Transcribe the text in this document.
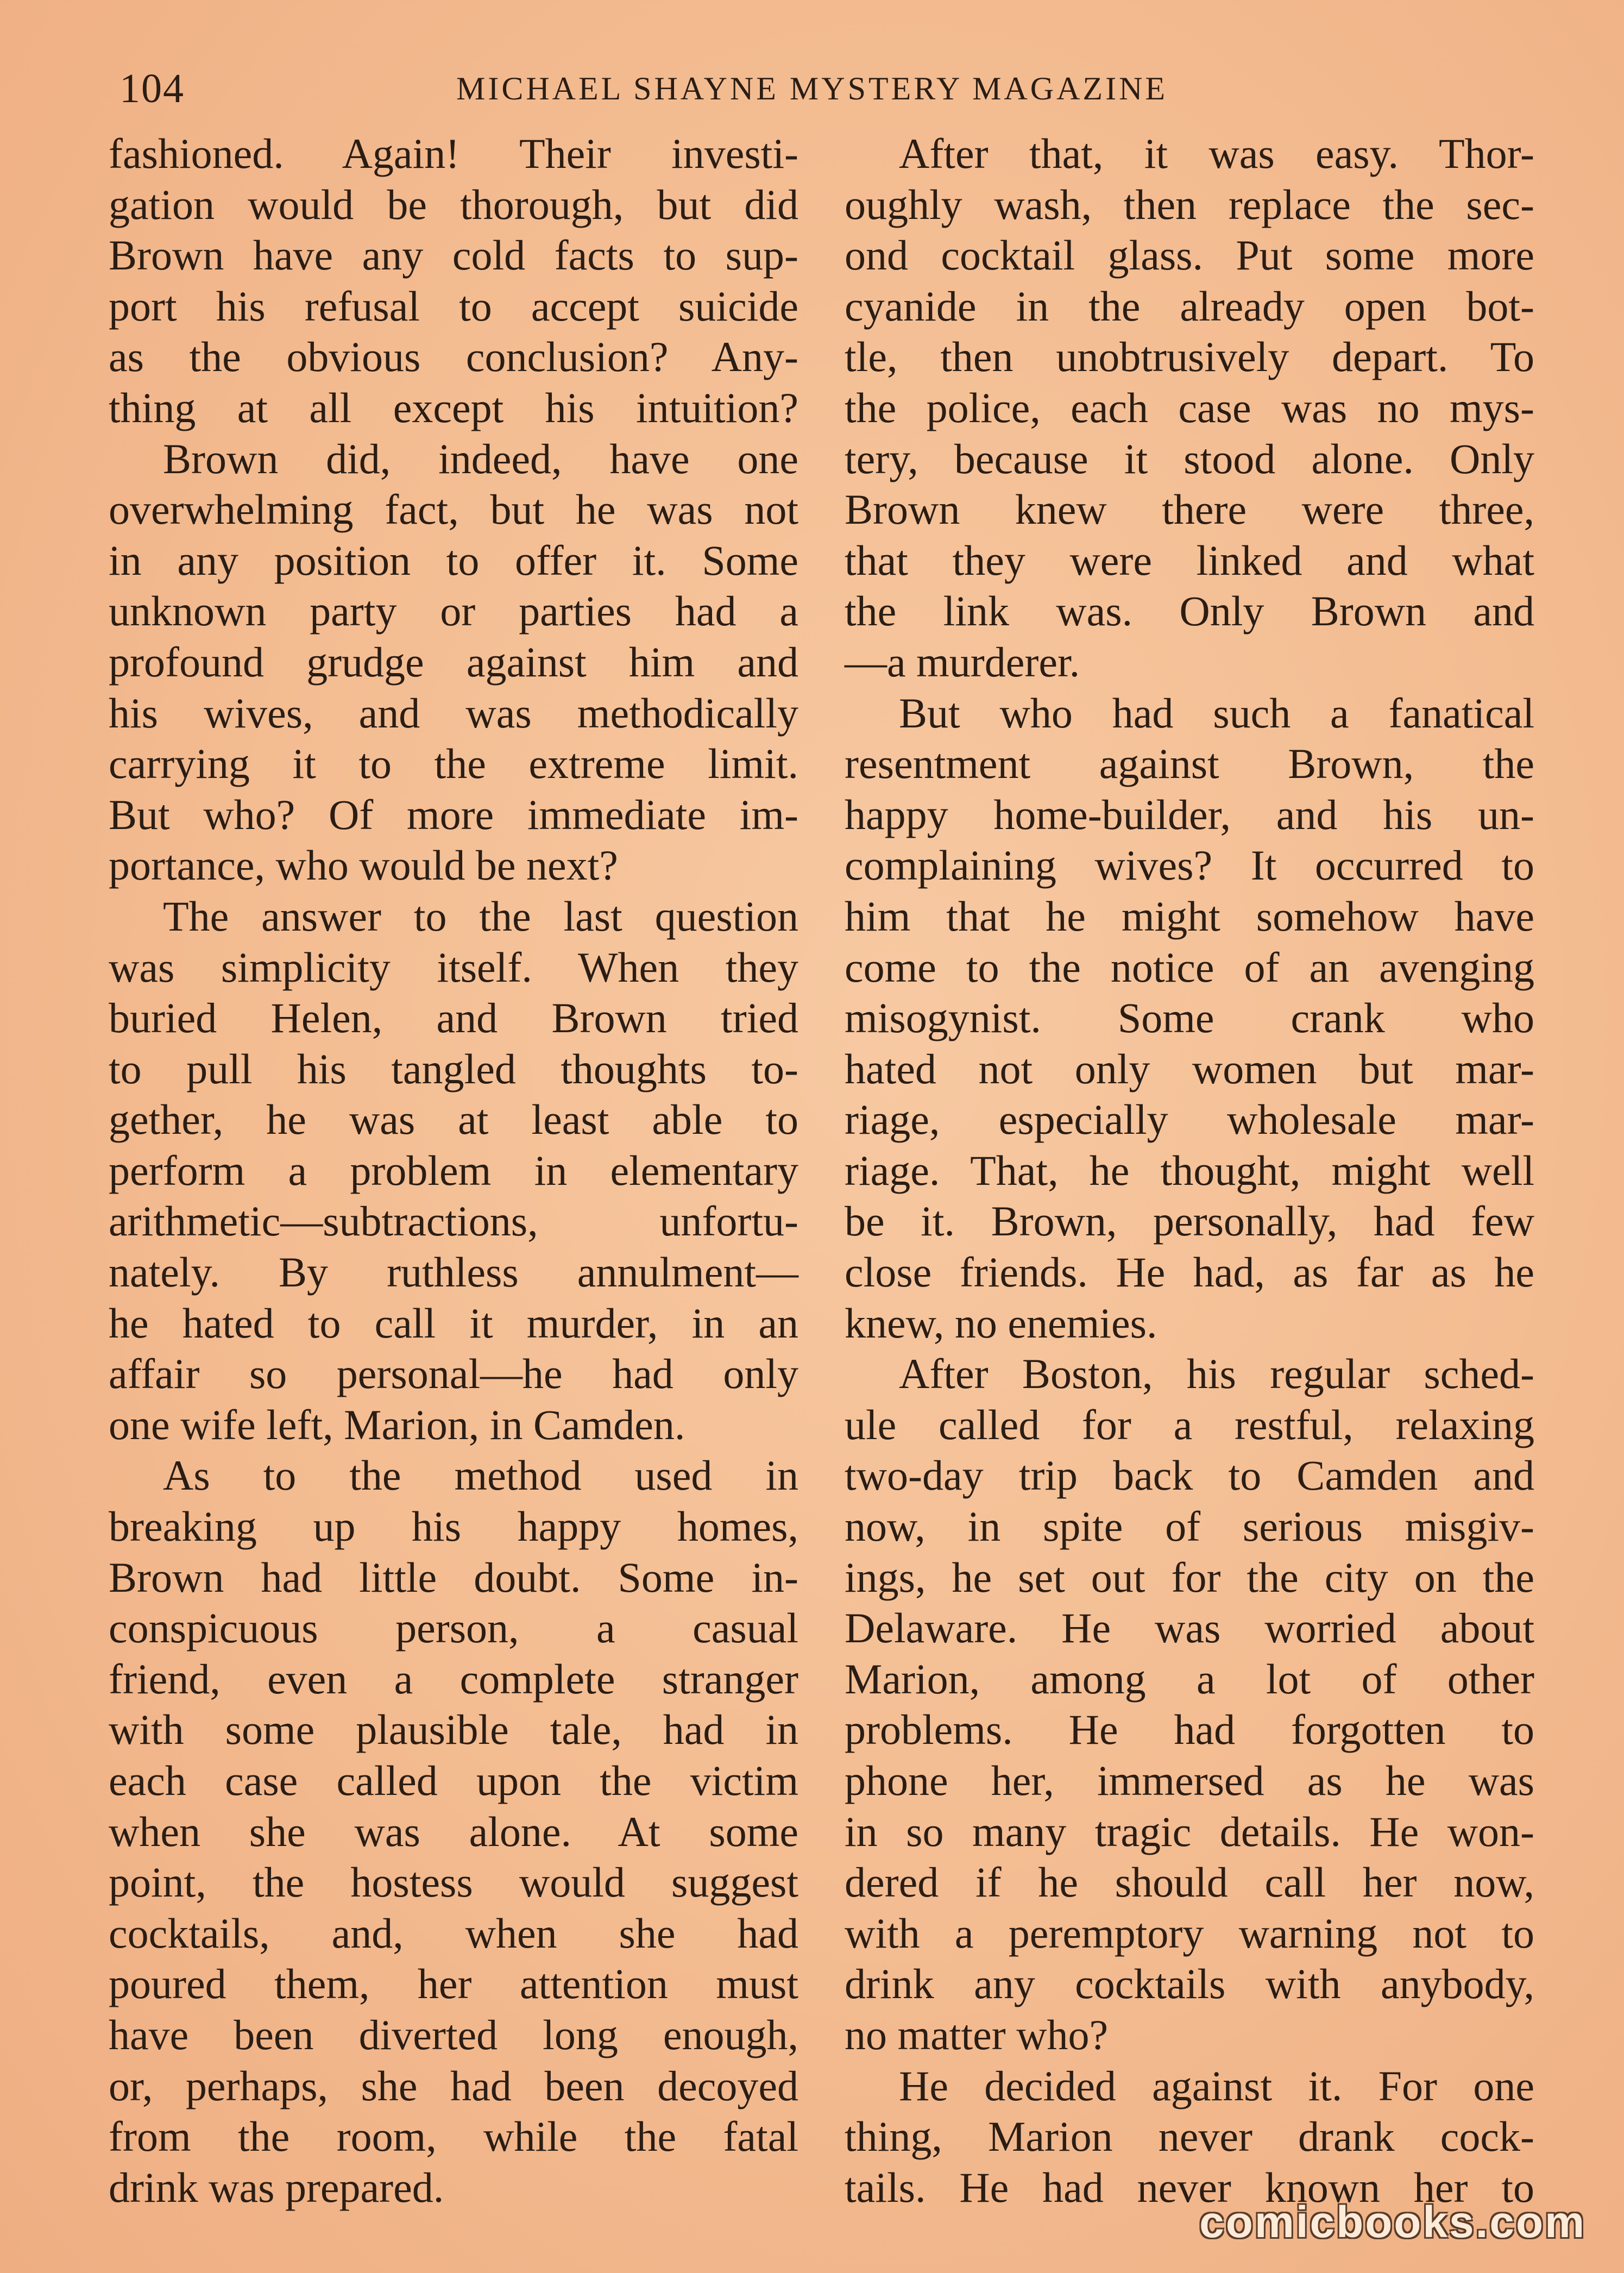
104	MICHAEL SHAYNE MYSTERY MAGAZINE
fashioned. Again! Their investi-
gation would be thorough, but did
Brown have any cold facts to sup-
port his refusal to accept suicide
as the obvious conclusion? Any-
thing at all except his intuition?
Brown did, indeed, have one
overwhelming fact, but he was not
in any position to offer it. Some
unknown party or parties had a
profound grudge against him and
his wives, and was methodically
carrying it to the extreme limit.
But who? Of more immediate im-
portance, who would be next?
The answer to the last question
was simplicity itself. When they
buried Helen, and Brown tried
to pull his tangled thoughts to-
gether, he was at least able to
perform a problem in elementary
arithmetic—subtractions, unfortu-
nately. By ruthless annulment—
he hated to call it murder, in an
affair so personal—he had only
one wife left, Marion, in Camden.
As to the method used in
breaking up his happy homes,
Brown had little doubt. Some in-
conspicuous person, a casual
friend, even a complete stranger
with some plausible tale, had in
each case called upon the victim
when she was alone. At some
point, the hostess would suggest
cocktails, and, when she had
poured them, her attention must
have been diverted long enough,
or, perhaps, she had been decoyed
from the room, while the fatal
drink was prepared.
After that, it was easy. Thor-
oughly wash, then replace the sec-
ond cocktail glass. Put some more
cyanide in the already open bot-
tle, then unobtrusively depart. To
the police, each case was no mys-
tery, because it stood alone. Only
Brown knew there were three,
that they were linked and what
the link was. Only Brown and
—a murderer.
But who had such a fanatical
resentment against Brown, the
happy home-builder, and his un-
complaining wives? It occurred to
him that he might somehow have
come to the notice of an avenging
misogynist. Some crank who
hated not only women but mar-
riage, especially wholesale mar-
riage. That, he thought, might well
be it. Brown, personally, had few
close friends. He had, as far as he
knew, no enemies.
After Boston, his regular sched-
ule called for a restful, relaxing
two-day trip back to Camden and
now, in spite of serious misgiv-
ings, he set out for the city on the
Delaware. He was worried about
Marion, among a lot of other
problems. He had forgotten to
phone her, immersed as he was
in so many tragic details. He won-
dered if he should call her now,
with a peremptory warning not to
drink any cocktails with anybody,
no matter who?
He decided against it. For one
thing, Marion never drank cock-
tails. He had never known her to
comicbooks.com
